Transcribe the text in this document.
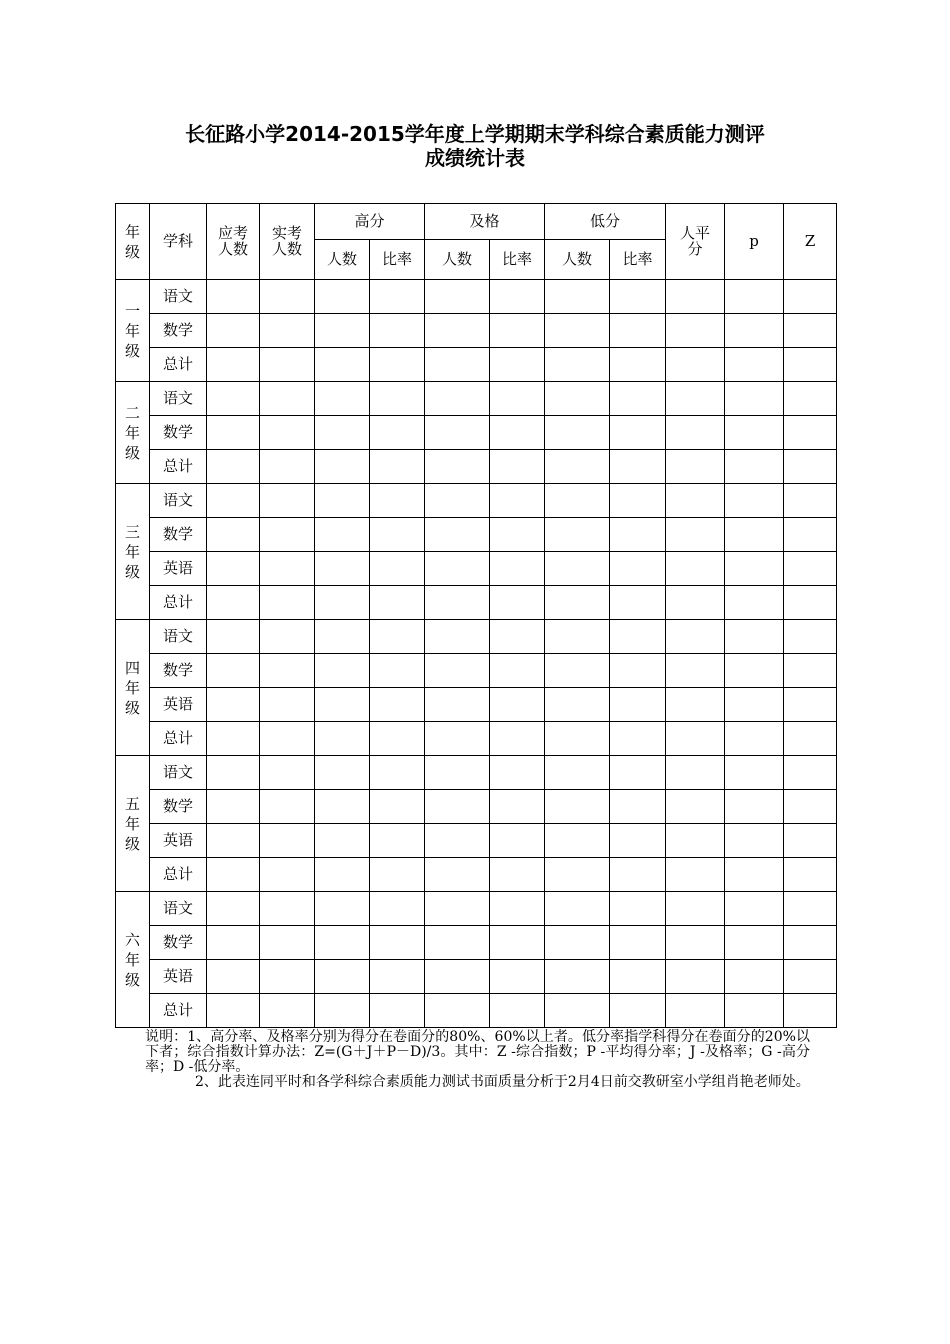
长征路小学2014-2015学年度上学期期末学科综合素质能力测评
成绩统计表
年级	学科	应考人数	实考人数	高分		及格		低分		人平分	p	Z
				人数	比率	人数	比率	人数	比率			
一年级	语文											
	数学											
	总计											
二年级	语文											
	数学											
	总计											
三年级	语文											
	数学											
	英语											
	总计											
四年级	语文											
	数学											
	英语											
	总计											
五年级	语文											
	数学											
	英语											
	总计											
六年级	语文											
	数学											
	英语											
	总计											

说明：1、高分率、及格率分别为得分在卷面分的80%、60%以上者。低分率指学科得分在卷面分的20%以下者；综合指数计算办法：Z=(G＋J＋P－D)/3。其中：Z -综合指数；P -平均得分率；J -及格率；G -高分率；D -低分率。

2、此表连同平时和各学科综合素质能力测试书面质量分析于2月4日前交教研室小学组肖艳老师处。
